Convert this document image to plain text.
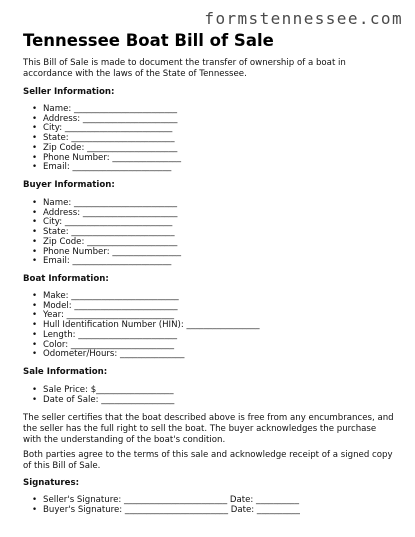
formstennessee.com
Tennessee Boat Bill of Sale
This Bill of Sale is made to document the transfer of ownership of a boat in accordance with the laws of the State of Tennessee.
Seller Information:
• Name: ________________________
• Address: ______________________
• City: _________________________
• State: ________________________
• Zip Code: _____________________
• Phone Number: ________________
• Email: _______________________
Buyer Information:
• Name: ________________________
• Address: ______________________
• City: _________________________
• State: ________________________
• Zip Code: _____________________
• Phone Number: ________________
• Email: _______________________
Boat Information:
• Make: _________________________
• Model: ________________________
• Year: _________________________
• Hull Identification Number (HIN): _________________
• Length: _______________________
• Color: ________________________
• Odometer/Hours: _______________
Sale Information:
• Sale Price: $__________________
• Date of Sale: _________________
The seller certifies that the boat described above is free from any encumbrances, and the seller has the full right to sell the boat. The buyer acknowledges the purchase with the understanding of the boat's condition.
Both parties agree to the terms of this sale and acknowledge receipt of a signed copy of this Bill of Sale.
Signatures:
• Seller's Signature: ________________________ Date: __________
• Buyer's Signature: ________________________ Date: __________
